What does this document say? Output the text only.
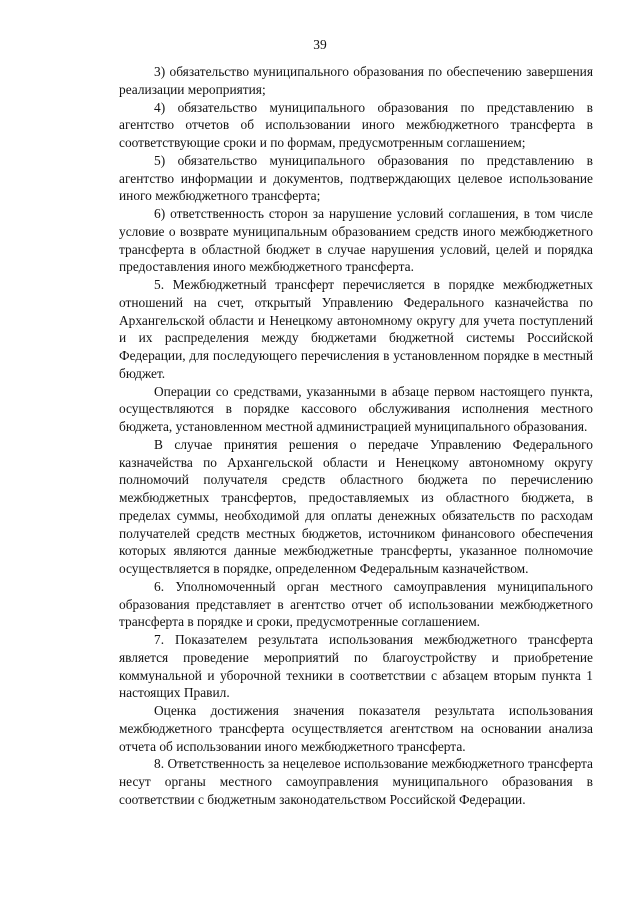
39

3) обязательство муниципального образования по обеспечению завершения реализации мероприятия;

4) обязательство муниципального образования по представлению в агентство отчетов об использовании иного межбюджетного трансферта в соответствующие сроки и по формам, предусмотренным соглашением;

5) обязательство муниципального образования по представлению в агентство информации и документов, подтверждающих целевое использование иного межбюджетного трансферта;

6) ответственность сторон за нарушение условий соглашения, в том числе условие о возврате муниципальным образованием средств иного межбюджетного трансферта в областной бюджет в случае нарушения условий, целей и порядка предоставления иного межбюджетного трансферта.

5. Межбюджетный трансферт перечисляется в порядке межбюджетных отношений на счет, открытый Управлению Федерального казначейства по Архангельской области и Ненецкому автономному округу для учета поступлений и их распределения между бюджетами бюджетной системы Российской Федерации, для последующего перечисления в установленном порядке в местный бюджет.

Операции со средствами, указанными в абзаце первом настоящего пункта, осуществляются в порядке кассового обслуживания исполнения местного бюджета, установленном местной администрацией муниципального образования.

В случае принятия решения о передаче Управлению Федерального казначейства по Архангельской области и Ненецкому автономному округу полномочий получателя средств областного бюджета по перечислению межбюджетных трансфертов, предоставляемых из областного бюджета, в пределах суммы, необходимой для оплаты денежных обязательств по расходам получателей средств местных бюджетов, источником финансового обеспечения которых являются данные межбюджетные трансферты, указанное полномочие осуществляется в порядке, определенном Федеральным казначейством.

6. Уполномоченный орган местного самоуправления муниципального образования представляет в агентство отчет об использовании межбюджетного трансферта в порядке и сроки, предусмотренные соглашением.

7. Показателем результата использования межбюджетного трансферта является проведение мероприятий по благоустройству и приобретение коммунальной и уборочной техники в соответствии с абзацем вторым пункта 1 настоящих Правил.

Оценка достижения значения показателя результата использования межбюджетного трансферта осуществляется агентством на основании анализа отчета об использовании иного межбюджетного трансферта.

8. Ответственность за нецелевое использование межбюджетного трансферта несут органы местного самоуправления муниципального образования в соответствии с бюджетным законодательством Российской Федерации.
